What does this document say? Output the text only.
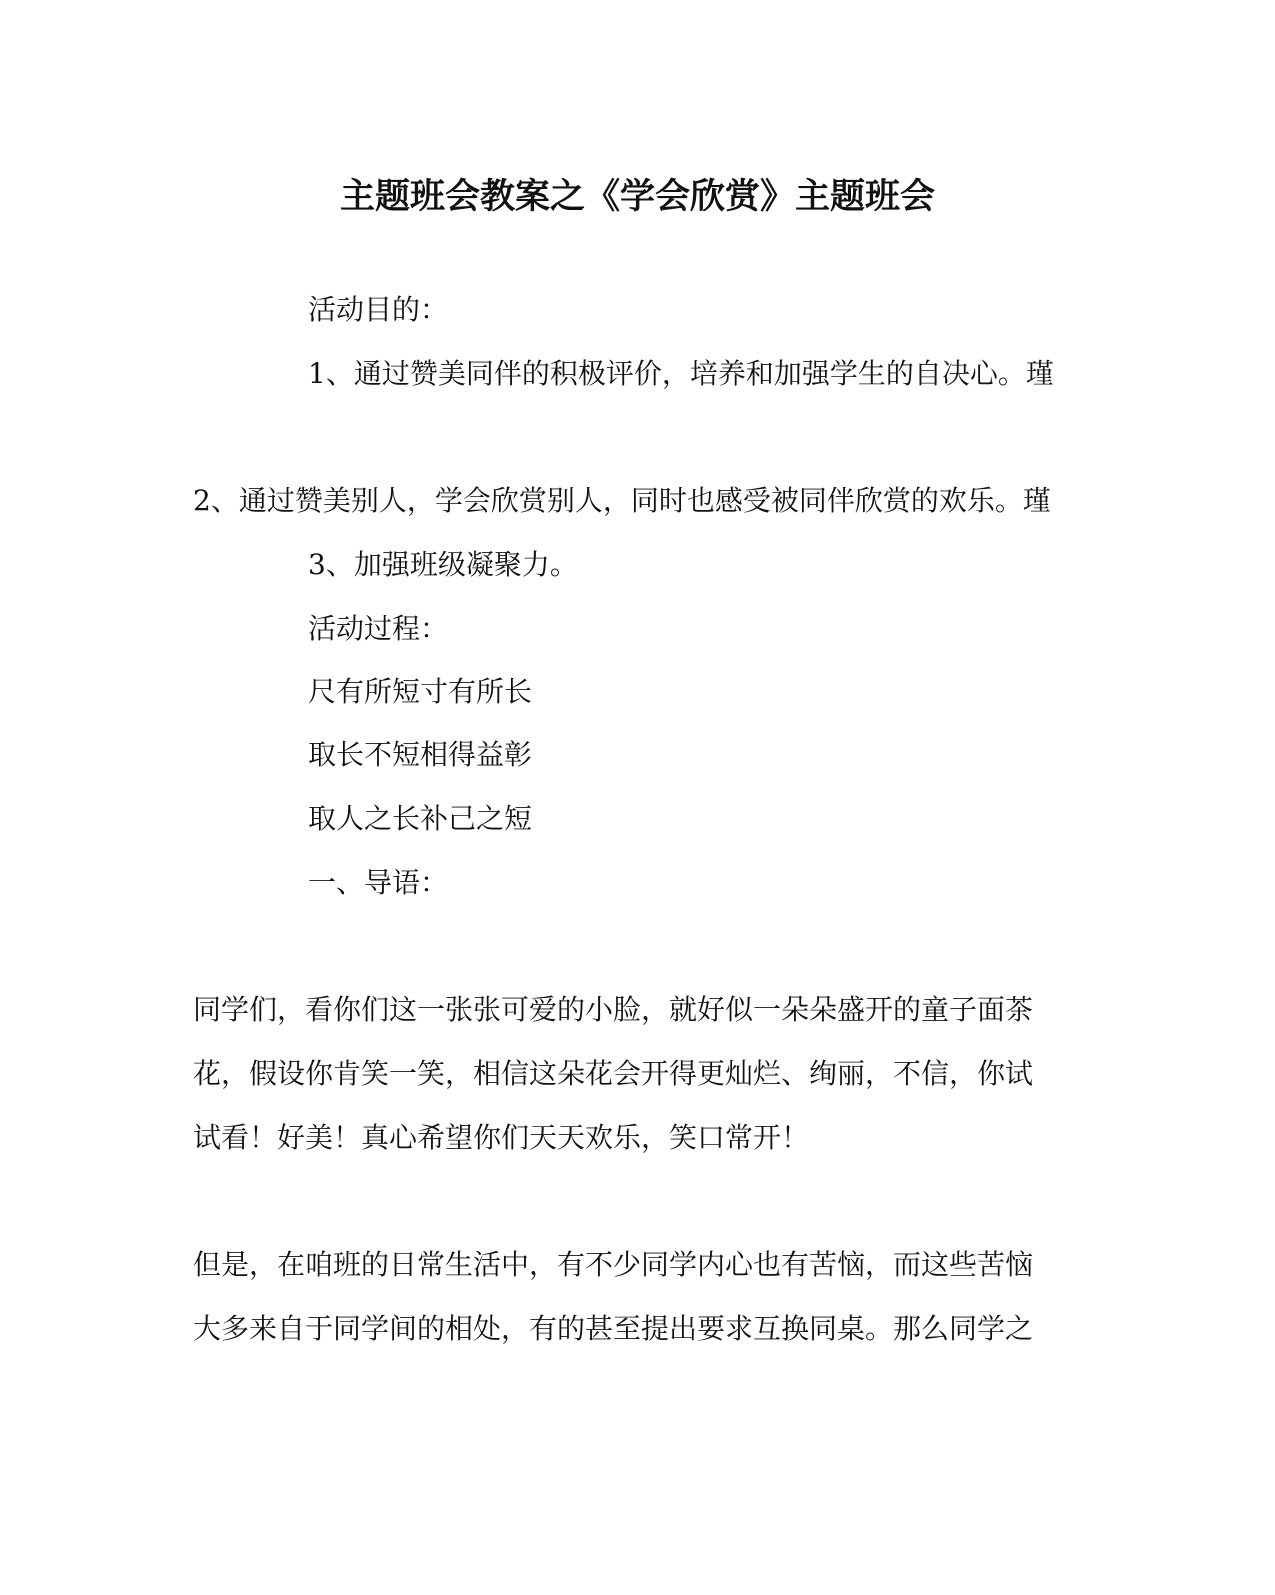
主题班会教案之《学会欣赏》主题班会
活动目的：
1、通过赞美同伴的积极评价，培养和加强学生的自决心。瑾
2、通过赞美别人，学会欣赏别人，同时也感受被同伴欣赏的欢乐。瑾
3、加强班级凝聚力。
活动过程：
尺有所短寸有所长
取长不短相得益彰
取人之长补己之短
一、导语：
同学们，看你们这一张张可爱的小脸，就好似一朵朵盛开的童子面茶
花，假设你肯笑一笑，相信这朵花会开得更灿烂、绚丽，不信，你试
试看！好美！真心希望你们天天欢乐，笑口常开！
但是，在咱班的日常生活中，有不少同学内心也有苦恼，而这些苦恼
大多来自于同学间的相处，有的甚至提出要求互换同桌。那么同学之
